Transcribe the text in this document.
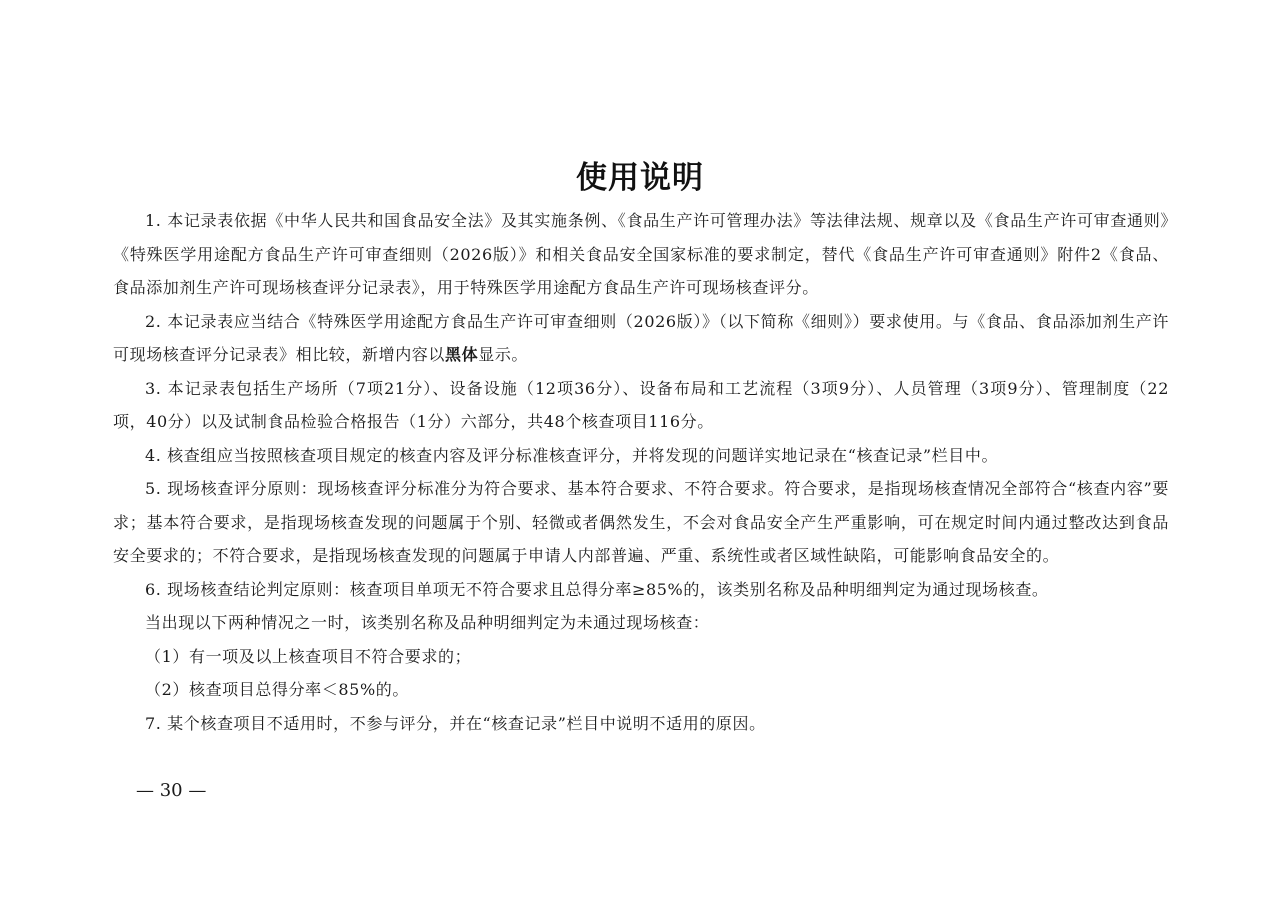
使用说明

1. 本记录表依据《中华人民共和国食品安全法》及其实施条例、《食品生产许可管理办法》等法律法规、规章以及《食品生产许可审查通则》《特殊医学用途配方食品生产许可审查细则（2026版）》和相关食品安全国家标准的要求制定，替代《食品生产许可审查通则》附件2《食品、食品添加剂生产许可现场核查评分记录表》，用于特殊医学用途配方食品生产许可现场核查评分。

2. 本记录表应当结合《特殊医学用途配方食品生产许可审查细则（2026版）》（以下简称《细则》）要求使用。与《食品、食品添加剂生产许可现场核查评分记录表》相比较，新增内容以黑体显示。

3. 本记录表包括生产场所（7项21分）、设备设施（12项36分）、设备布局和工艺流程（3项9分）、人员管理（3项9分）、管理制度（22项，40分）以及试制食品检验合格报告（1分）六部分，共48个核查项目116分。

4. 核查组应当按照核查项目规定的核查内容及评分标准核查评分，并将发现的问题详实地记录在“核查记录”栏目中。

5. 现场核查评分原则：现场核查评分标准分为符合要求、基本符合要求、不符合要求。符合要求，是指现场核查情况全部符合“核查内容”要求；基本符合要求，是指现场核查发现的问题属于个别、轻微或者偶然发生，不会对食品安全产生严重影响，可在规定时间内通过整改达到食品安全要求的；不符合要求，是指现场核查发现的问题属于申请人内部普遍、严重、系统性或者区域性缺陷，可能影响食品安全的。

6. 现场核查结论判定原则：核查项目单项无不符合要求且总得分率≥85%的，该类别名称及品种明细判定为通过现场核查。

当出现以下两种情况之一时，该类别名称及品种明细判定为未通过现场核查：

（1）有一项及以上核查项目不符合要求的；

（2）核查项目总得分率＜85%的。

7. 某个核查项目不适用时，不参与评分，并在“核查记录”栏目中说明不适用的原因。

— 30 —
